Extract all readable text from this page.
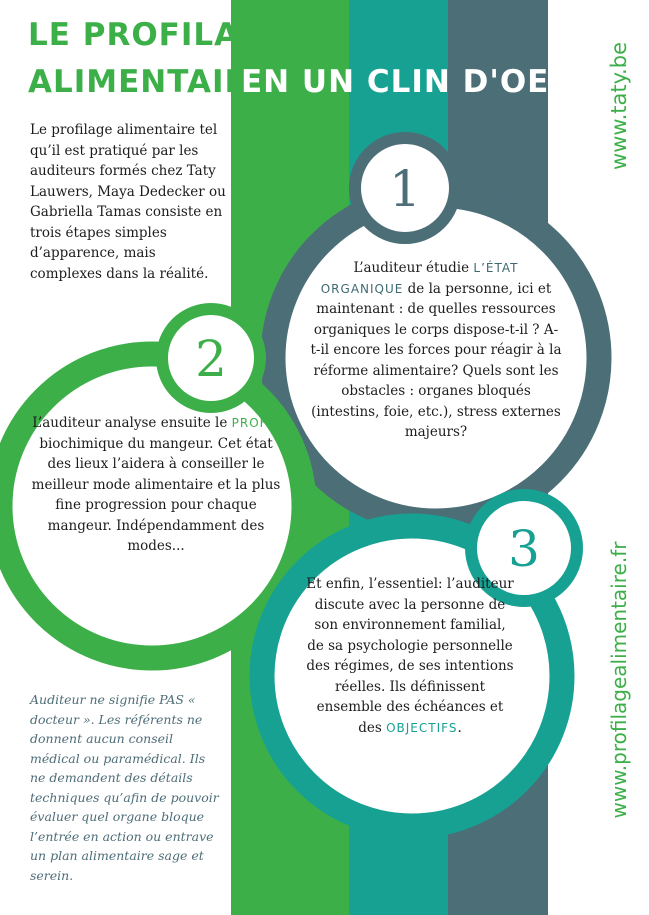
LE PROFILAGE
ALIMENTAIRE
EN UN CLIN D'OEIL
Le profilage alimentaire tel qu’il est pratiqué par les auditeurs formés chez Taty Lauwers, Maya Dedecker ou Gabriella Tamas consiste en trois étapes simples d’apparence, mais complexes dans la réalité.
1
2
3
L’auditeur étudie L’ÉTAT ORGANIQUE de la personne, ici et maintenant : de quelles ressources organiques le corps dispose-t-il ? A-t-il encore les forces pour réagir à la réforme alimentaire? Quels sont les obstacles : organes bloqués (intestins, foie, etc.), stress externes majeurs?
L’auditeur analyse ensuite le PROFIL biochimique du mangeur. Cet état des lieux l’aidera à conseiller le meilleur mode alimentaire et la plus fine progression pour chaque mangeur. Indépendamment des modes...
Et enfin, l’essentiel: l’auditeur discute avec la personne de son environnement familial, de sa psychologie personnelle des régimes, de ses intentions réelles. Ils définissent ensemble des échéances et des OBJECTIFS.
Auditeur ne signifie PAS « docteur ». Les référents ne donnent aucun conseil médical ou paramédical. Ils ne demandent des détails techniques qu’afin de pouvoir évaluer quel organe bloque l’entrée en action ou entrave un plan alimentaire sage et serein.
www.taty.be
www.profilagealimentaire.fr
